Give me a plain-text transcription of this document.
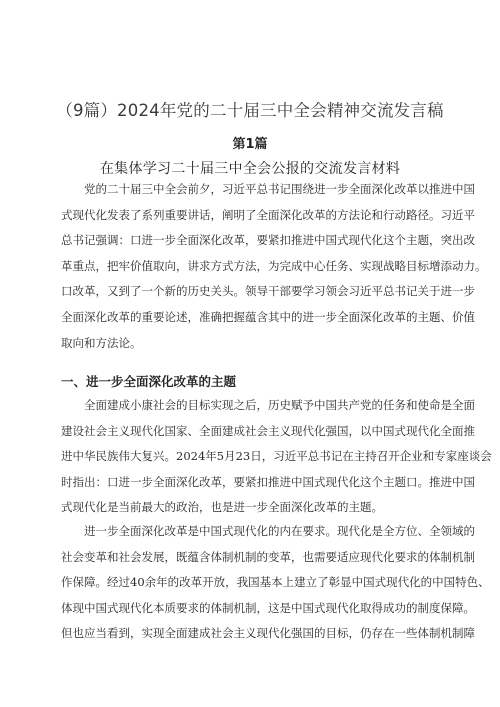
（9篇）2024年党的二十届三中全会精神交流发言稿
第1篇
在集体学习二十届三中全会公报的交流发言材料
党的二十届三中全会前夕，习近平总书记围绕进一步全面深化改革以推进中国
式现代化发表了系列重要讲话，阐明了全面深化改革的方法论和行动路径。习近平
总书记强调：口进一步全面深化改革，要紧扣推进中国式现代化这个主题，突出改
革重点，把牢价值取向，讲求方式方法，为完成中心任务、实现战略目标增添动力。
口改革，又到了一个新的历史关头。领导干部要学习领会习近平总书记关于进一步
全面深化改革的重要论述，准确把握蕴含其中的进一步全面深化改革的主题、价值
取向和方法论。
一、进一步全面深化改革的主题
全面建成小康社会的目标实现之后，历史赋予中国共产党的任务和使命是全面
建设社会主义现代化国家、全面建成社会主义现代化强国，以中国式现代化全面推
进中华民族伟大复兴。2024年5月23日，习近平总书记在主持召开企业和专家座谈会
时指出：口进一步全面深化改革，要紧扣推进中国式现代化这个主题口。推进中国
式现代化是当前最大的政治，也是进一步全面深化改革的主题。
进一步全面深化改革是中国式现代化的内在要求。现代化是全方位、全领域的
社会变革和社会发展，既蕴含体制机制的变革，也需要适应现代化要求的体制机制
作保障。经过40余年的改革开放，我国基本上建立了彰显中国式现代化的中国特色、
体现中国式现代化本质要求的体制机制，这是中国式现代化取得成功的制度保障。
但也应当看到，实现全面建成社会主义现代化强国的目标，仍存在一些体制机制障
